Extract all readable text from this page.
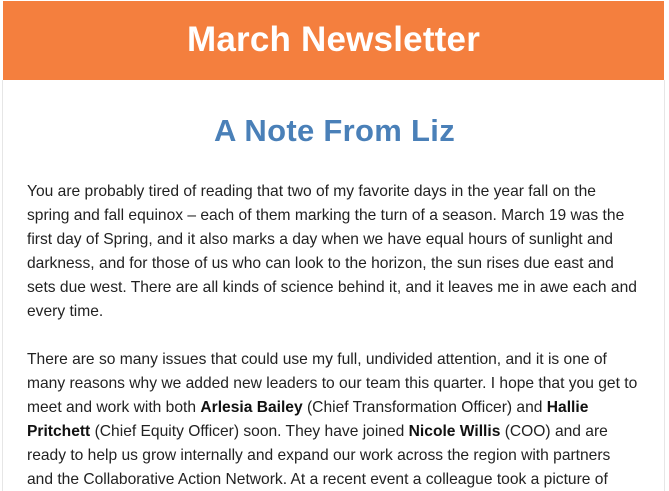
March Newsletter
A Note From Liz

You are probably tired of reading that two of my favorite days in the year fall on the spring and fall equinox – each of them marking the turn of a season. March 19 was the first day of Spring, and it also marks a day when we have equal hours of sunlight and darkness, and for those of us who can look to the horizon, the sun rises due east and sets due west. There are all kinds of science behind it, and it leaves me in awe each and every time.

There are so many issues that could use my full, undivided attention, and it is one of many reasons why we added new leaders to our team this quarter. I hope that you get to meet and work with both Arlesia Bailey (Chief Transformation Officer) and Hallie Pritchett (Chief Equity Officer) soon. They have joined Nicole Willis (COO) and are ready to help us grow internally and expand our work across the region with partners and the Collaborative Action Network. At a recent event a colleague took a picture of
